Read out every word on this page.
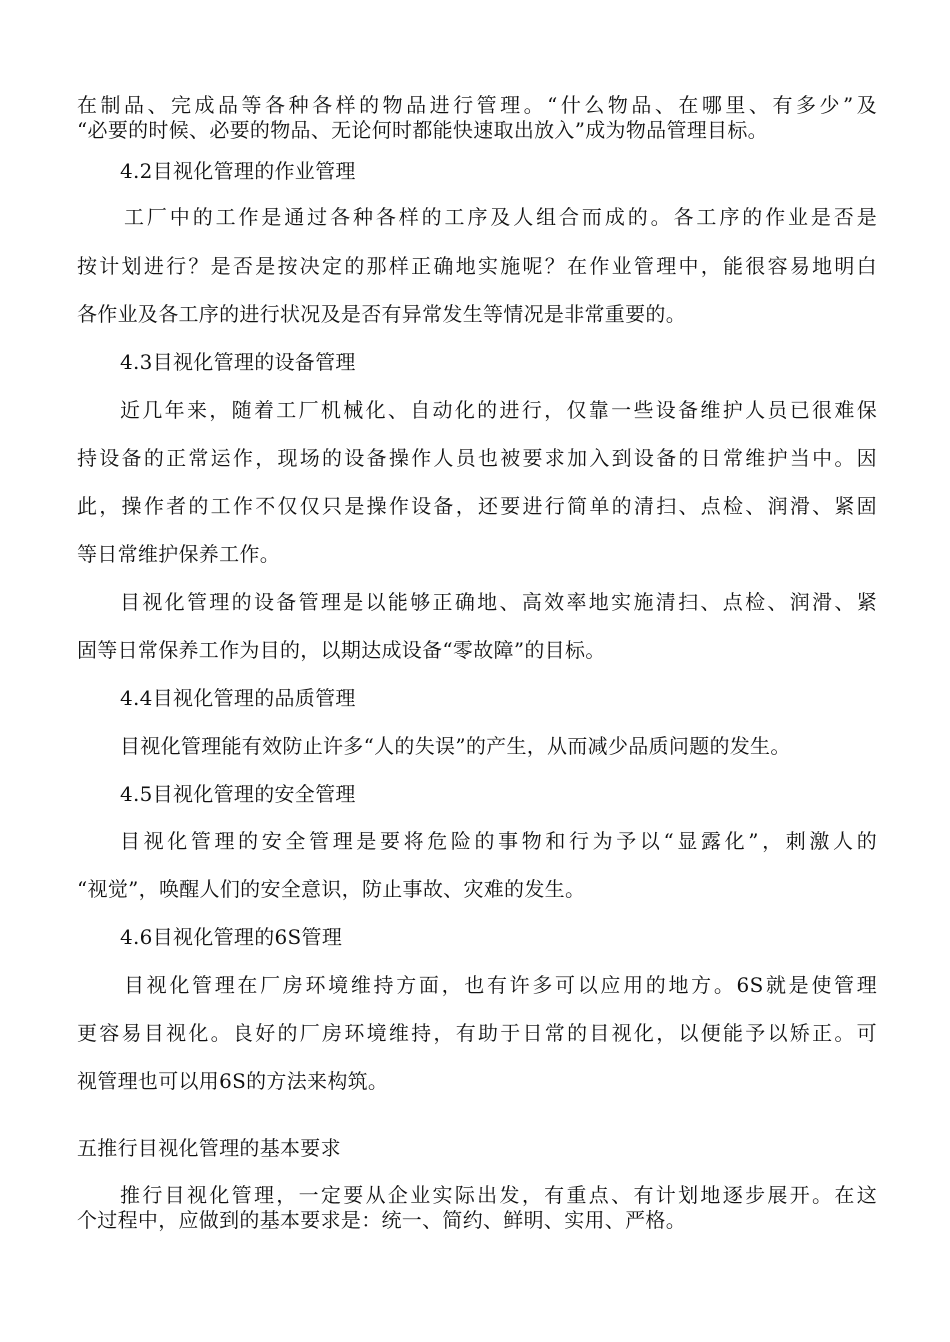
在制品、完成品等各种各样的物品进行管理。“什么物品、在哪里、有多少”及
“必要的时候、必要的物品、无论何时都能快速取出放入”成为物品管理目标。
4.2目视化管理的作业管理
工厂中的工作是通过各种各样的工序及人组合而成的。各工序的作业是否是
按计划进行？是否是按决定的那样正确地实施呢？在作业管理中，能很容易地明白
各作业及各工序的进行状况及是否有异常发生等情况是非常重要的。
4.3目视化管理的设备管理
近几年来，随着工厂机械化、自动化的进行，仅靠一些设备维护人员已很难保
持设备的正常运作，现场的设备操作人员也被要求加入到设备的日常维护当中。因
此，操作者的工作不仅仅只是操作设备，还要进行简单的清扫、点检、润滑、紧固
等日常维护保养工作。
目视化管理的设备管理是以能够正确地、高效率地实施清扫、点检、润滑、紧
固等日常保养工作为目的，以期达成设备“零故障”的目标。
4.4目视化管理的品质管理
目视化管理能有效防止许多“人的失误”的产生，从而减少品质问题的发生。
4.5目视化管理的安全管理
目视化管理的安全管理是要将危险的事物和行为予以“显露化”，刺激人的
“视觉”，唤醒人们的安全意识，防止事故、灾难的发生。
4.6目视化管理的6S管理
目视化管理在厂房环境维持方面，也有许多可以应用的地方。6S就是使管理
更容易目视化。良好的厂房环境维持，有助于日常的目视化，以便能予以矫正。可
视管理也可以用6S的方法来构筑。
五推行目视化管理的基本要求
推行目视化管理，一定要从企业实际出发，有重点、有计划地逐步展开。在这
个过程中，应做到的基本要求是：统一、简约、鲜明、实用、严格。
